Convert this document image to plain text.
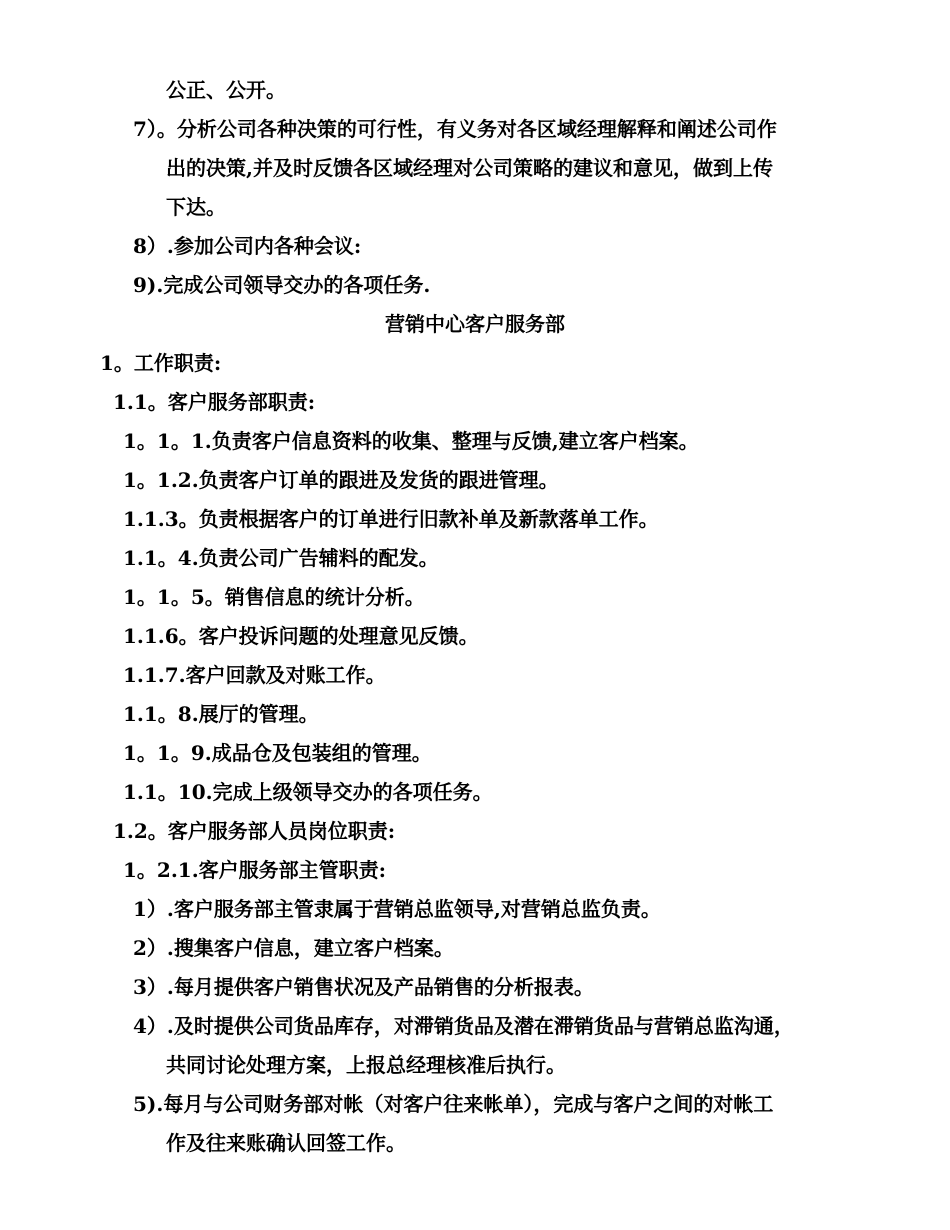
公正、公开。
7）。分析公司各种决策的可行性，有义务对各区域经理解释和阐述公司作
出的决策,并及时反馈各区域经理对公司策略的建议和意见，做到上传
下达。
8）.参加公司内各种会议:
9).完成公司领导交办的各项任务.
营销中心客户服务部
1。工作职责:
1.1。客户服务部职责:
1。1。1.负责客户信息资料的收集、整理与反馈,建立客户档案。
1。1.2.负责客户订单的跟进及发货的跟进管理。
1.1.3。负责根据客户的订单进行旧款补单及新款落单工作。
1.1。4.负责公司广告辅料的配发。
1。1。5。销售信息的统计分析。
1.1.6。客户投诉问题的处理意见反馈。
1.1.7.客户回款及对账工作。
1.1。8.展厅的管理。
1。1。9.成品仓及包装组的管理。
1.1。10.完成上级领导交办的各项任务。
1.2。客户服务部人员岗位职责:
1。2.1.客户服务部主管职责:
1）.客户服务部主管隶属于营销总监领导,对营销总监负责。
2）.搜集客户信息，建立客户档案。
3）.每月提供客户销售状况及产品销售的分析报表。
4）.及时提供公司货品库存，对滞销货品及潜在滞销货品与营销总监沟通，
共同讨论处理方案，上报总经理核准后执行。
5).每月与公司财务部对帐（对客户往来帐单），完成与客户之间的对帐工
作及往来账确认回签工作。
